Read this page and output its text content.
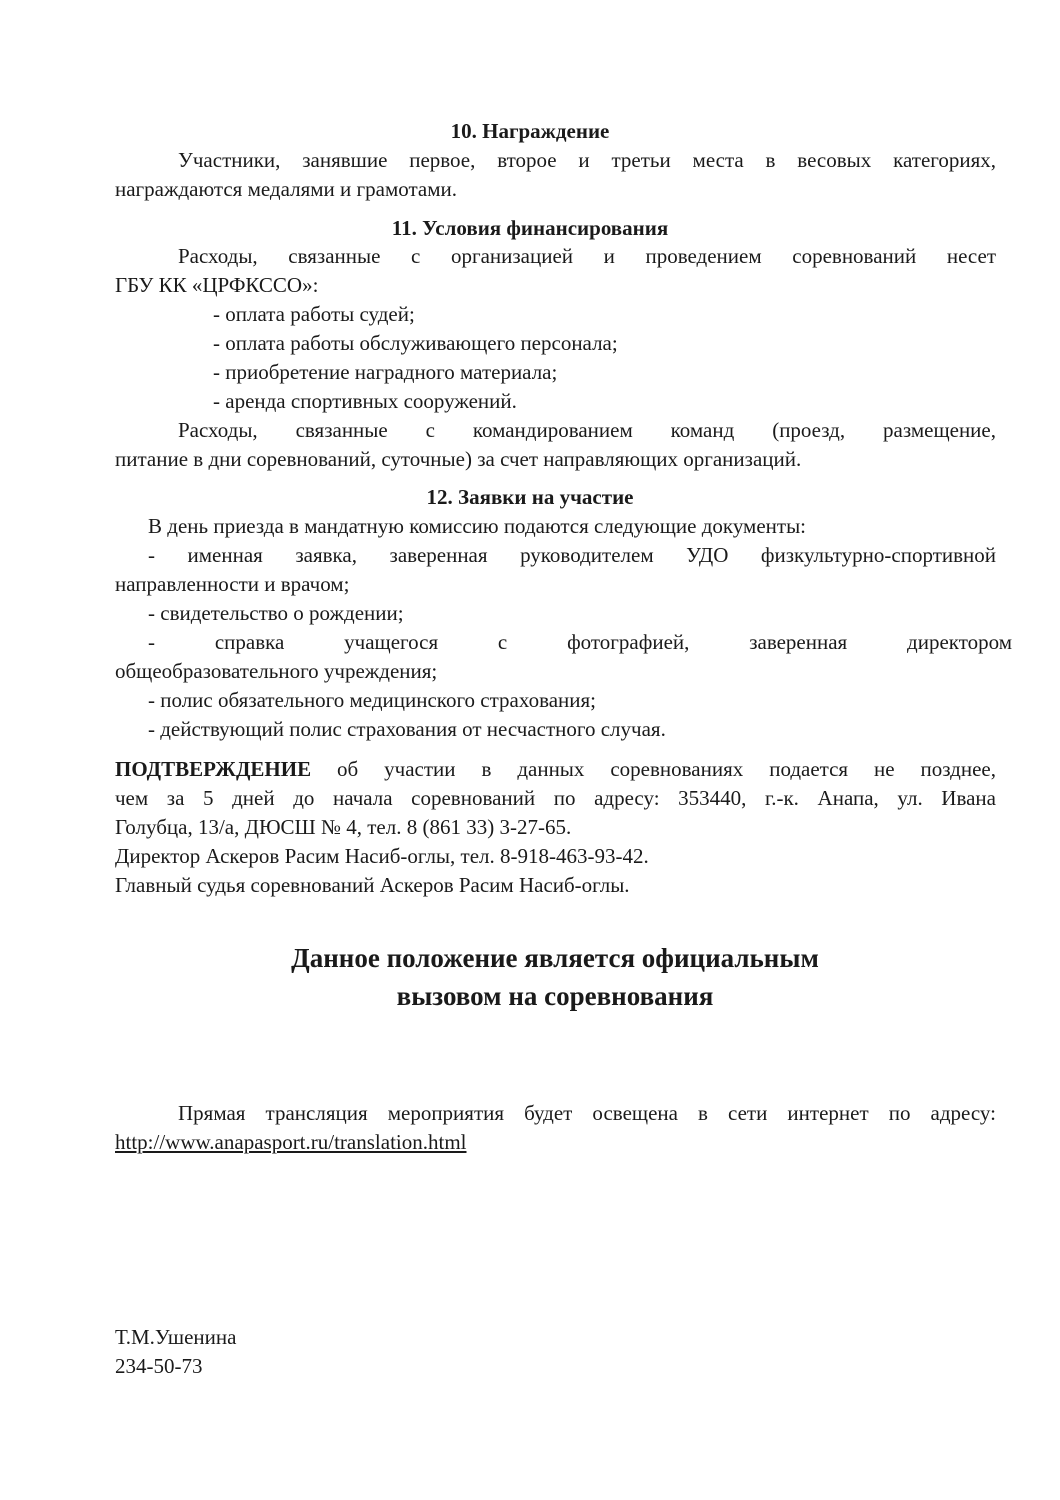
10. Награждение

Участники, занявшие первое, второе и третьи места в весовых категориях,

награждаются медалями и грамотами.

11. Условия финансирования

Расходы, связанные с организацией и проведением соревнований несет

ГБУ КК «ЦРФКССО»:

- оплата работы судей;

- оплата работы обслуживающего персонала;

- приобретение наградного материала;

- аренда спортивных сооружений.

Расходы, связанные с командированием команд (проезд, размещение,

питание в дни соревнований, суточные) за счет направляющих организаций.

12. Заявки на участие

В день приезда в мандатную комиссию подаются следующие документы:

- именная заявка, заверенная руководителем УДО физкультурно-спортивной

направленности и врачом;

- свидетельство о рождении;

- справка учащегося с фотографией, заверенная директором

общеобразовательного учреждения;

- полис обязательного медицинского страхования;

- действующий полис страхования от несчастного случая.

ПОДТВЕРЖДЕНИЕ об участии в данных соревнованиях подается не позднее,

чем за 5 дней до начала соревнований по адресу: 353440, г.-к. Анапа, ул. Ивана

Голубца, 13/а, ДЮСШ № 4, тел. 8 (861 33) 3-27-65.

Директор Аскеров Расим Насиб-оглы, тел. 8-918-463-93-42.

Главный судья соревнований Аскеров Расим Насиб-оглы.

Данное положение является официальным

вызовом на соревнования

Прямая трансляция мероприятия будет освещена в сети интернет по адресу:

http://www.anapasport.ru/translation.html

Т.М.Ушенина

234-50-73
